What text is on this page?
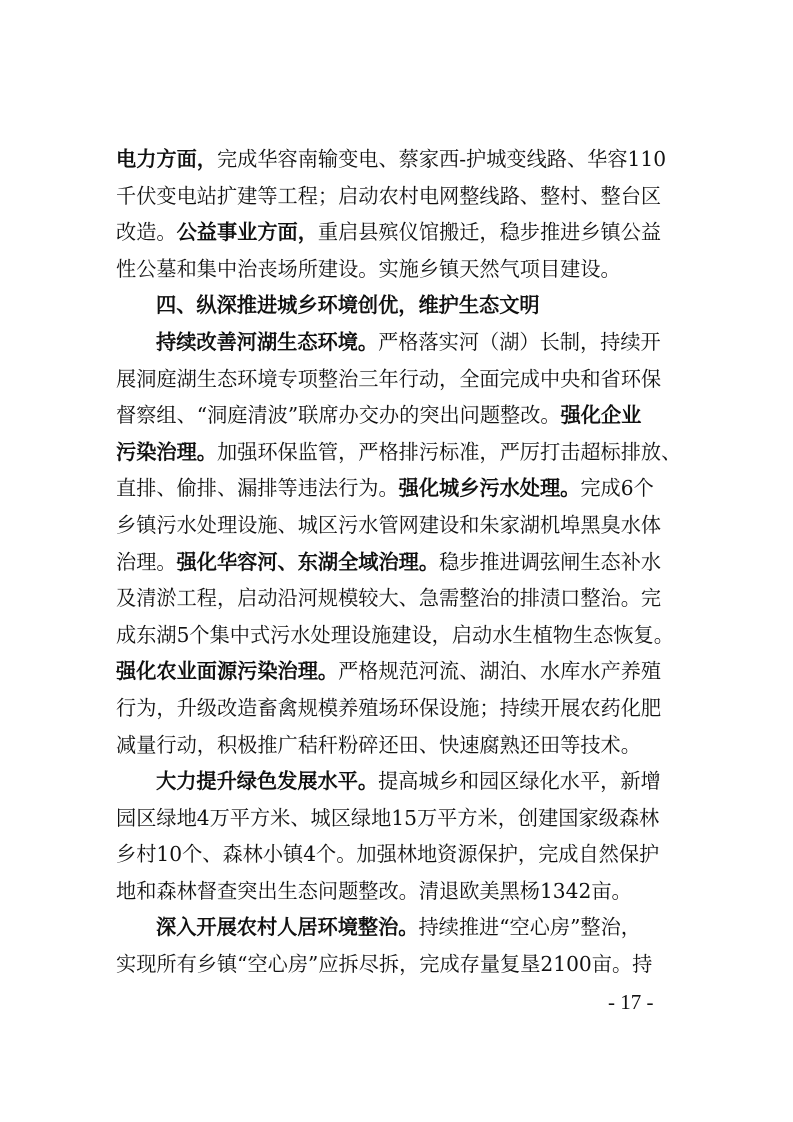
电力方面，完成华容南输变电、蔡家西-护城变线路、华容110
千伏变电站扩建等工程；启动农村电网整线路、整村、整台区
改造。公益事业方面，重启县殡仪馆搬迁，稳步推进乡镇公益
性公墓和集中治丧场所建设。实施乡镇天然气项目建设。
四、纵深推进城乡环境创优，维护生态文明
持续改善河湖生态环境。严格落实河（湖）长制，持续开
展洞庭湖生态环境专项整治三年行动，全面完成中央和省环保
督察组、“洞庭清波”联席办交办的突出问题整改。强化企业
污染治理。加强环保监管，严格排污标准，严厉打击超标排放、
直排、偷排、漏排等违法行为。强化城乡污水处理。完成6个
乡镇污水处理设施、城区污水管网建设和朱家湖机埠黑臭水体
治理。强化华容河、东湖全域治理。稳步推进调弦闸生态补水
及清淤工程，启动沿河规模较大、急需整治的排渍口整治。完
成东湖5个集中式污水处理设施建设，启动水生植物生态恢复。
强化农业面源污染治理。严格规范河流、湖泊、水库水产养殖
行为，升级改造畜禽规模养殖场环保设施；持续开展农药化肥
减量行动，积极推广秸秆粉碎还田、快速腐熟还田等技术。
大力提升绿色发展水平。提高城乡和园区绿化水平，新增
园区绿地4万平方米、城区绿地15万平方米，创建国家级森林
乡村10个、森林小镇4个。加强林地资源保护，完成自然保护
地和森林督查突出生态问题整改。清退欧美黑杨1342亩。
深入开展农村人居环境整治。持续推进“空心房”整治，
实现所有乡镇“空心房”应拆尽拆，完成存量复垦2100亩。持
- 17 -
